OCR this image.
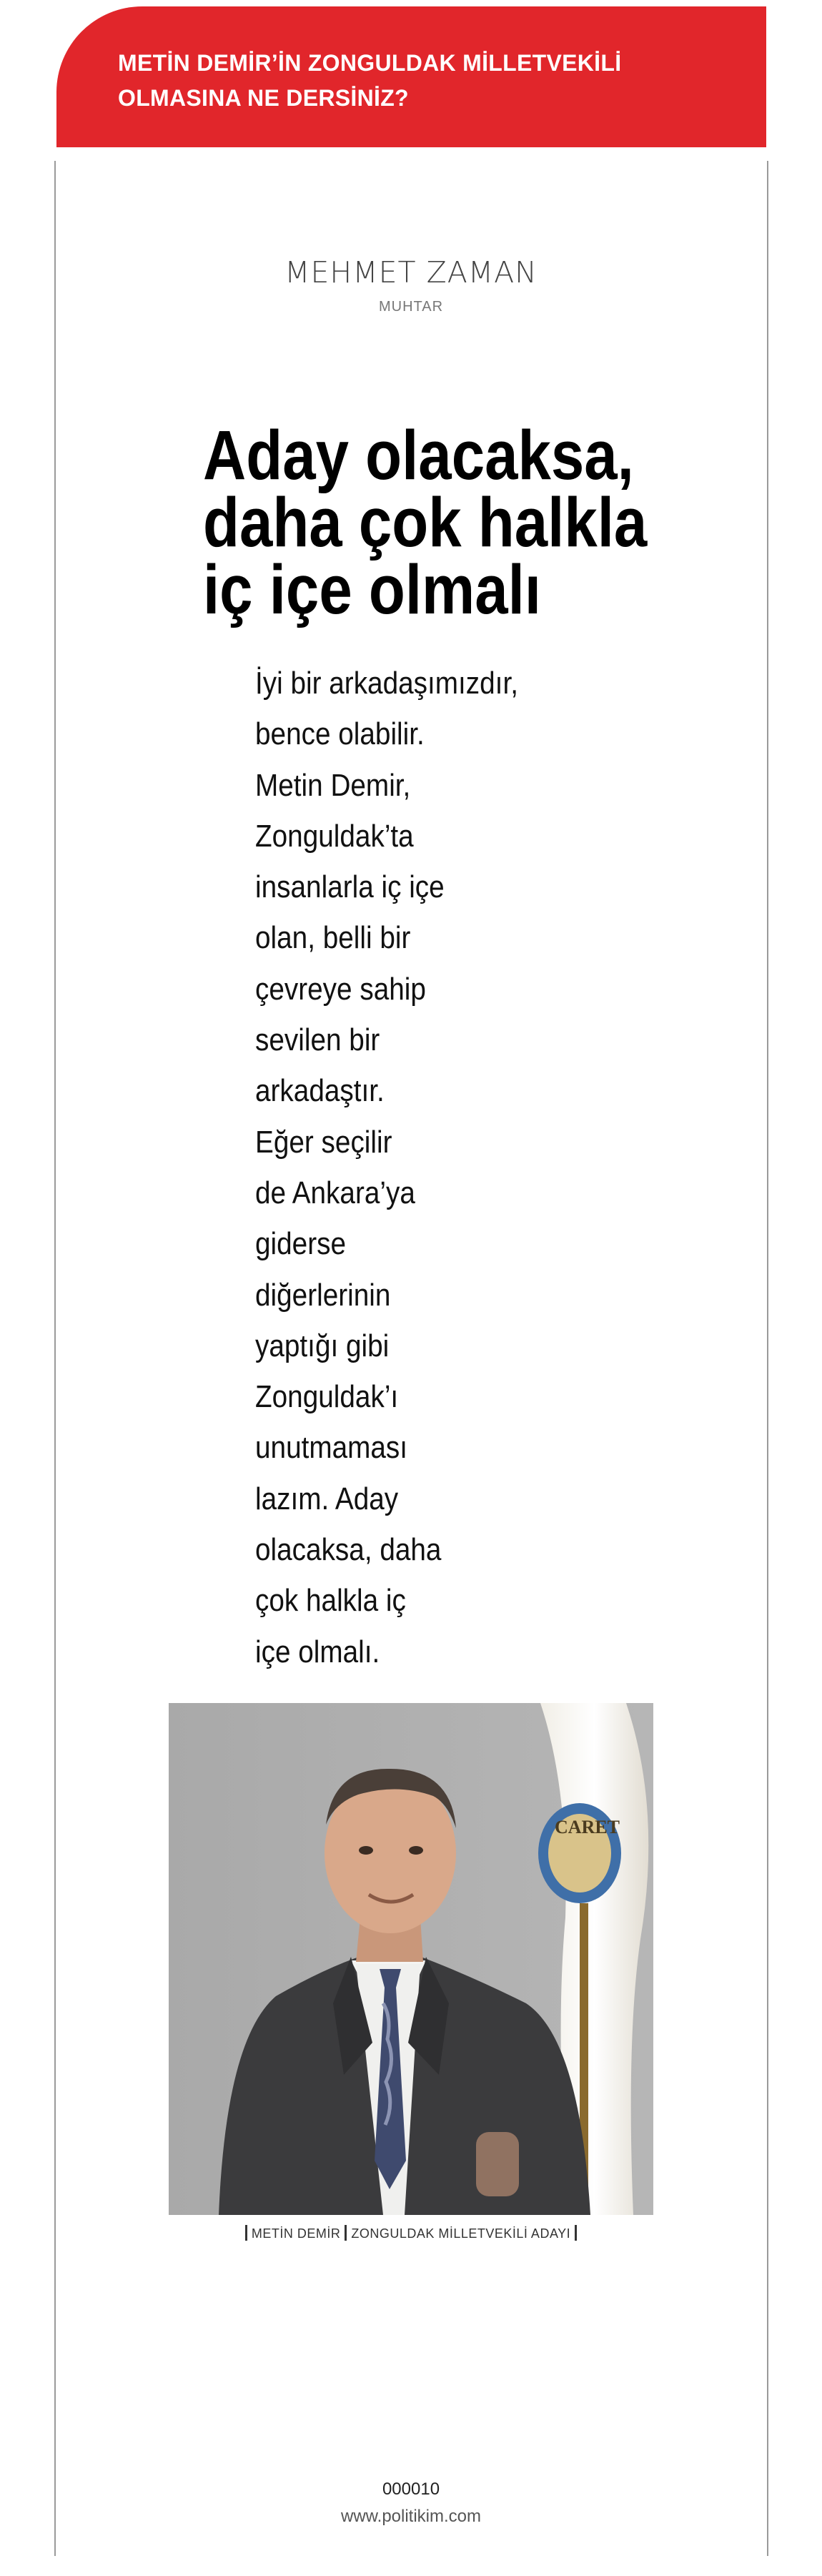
METİN DEMİR’İN ZONGULDAK MİLLETVEKİLİ
OLMASINA NE DERSİNİZ?
MEHMET ZAMAN
MUHTAR
Aday olacaksa,
daha çok halkla
iç içe olmalı
İyi bir arkadaşımızdır,
bence olabilir.
Metin Demir,
Zonguldak’ta
insanlarla iç içe
olan, belli bir
çevreye sahip
sevilen bir
arkadaştır.
Eğer seçilir
de Ankara’ya
giderse
diğerlerinin
yaptığı gibi
Zonguldak’ı
unutmaması
lazım. Aday
olacaksa, daha
çok halkla iç
içe olmalı.
CARET
METİN DEMİR ZONGULDAK MİLLETVEKİLİ ADAYI
000010
www.politikim.com
